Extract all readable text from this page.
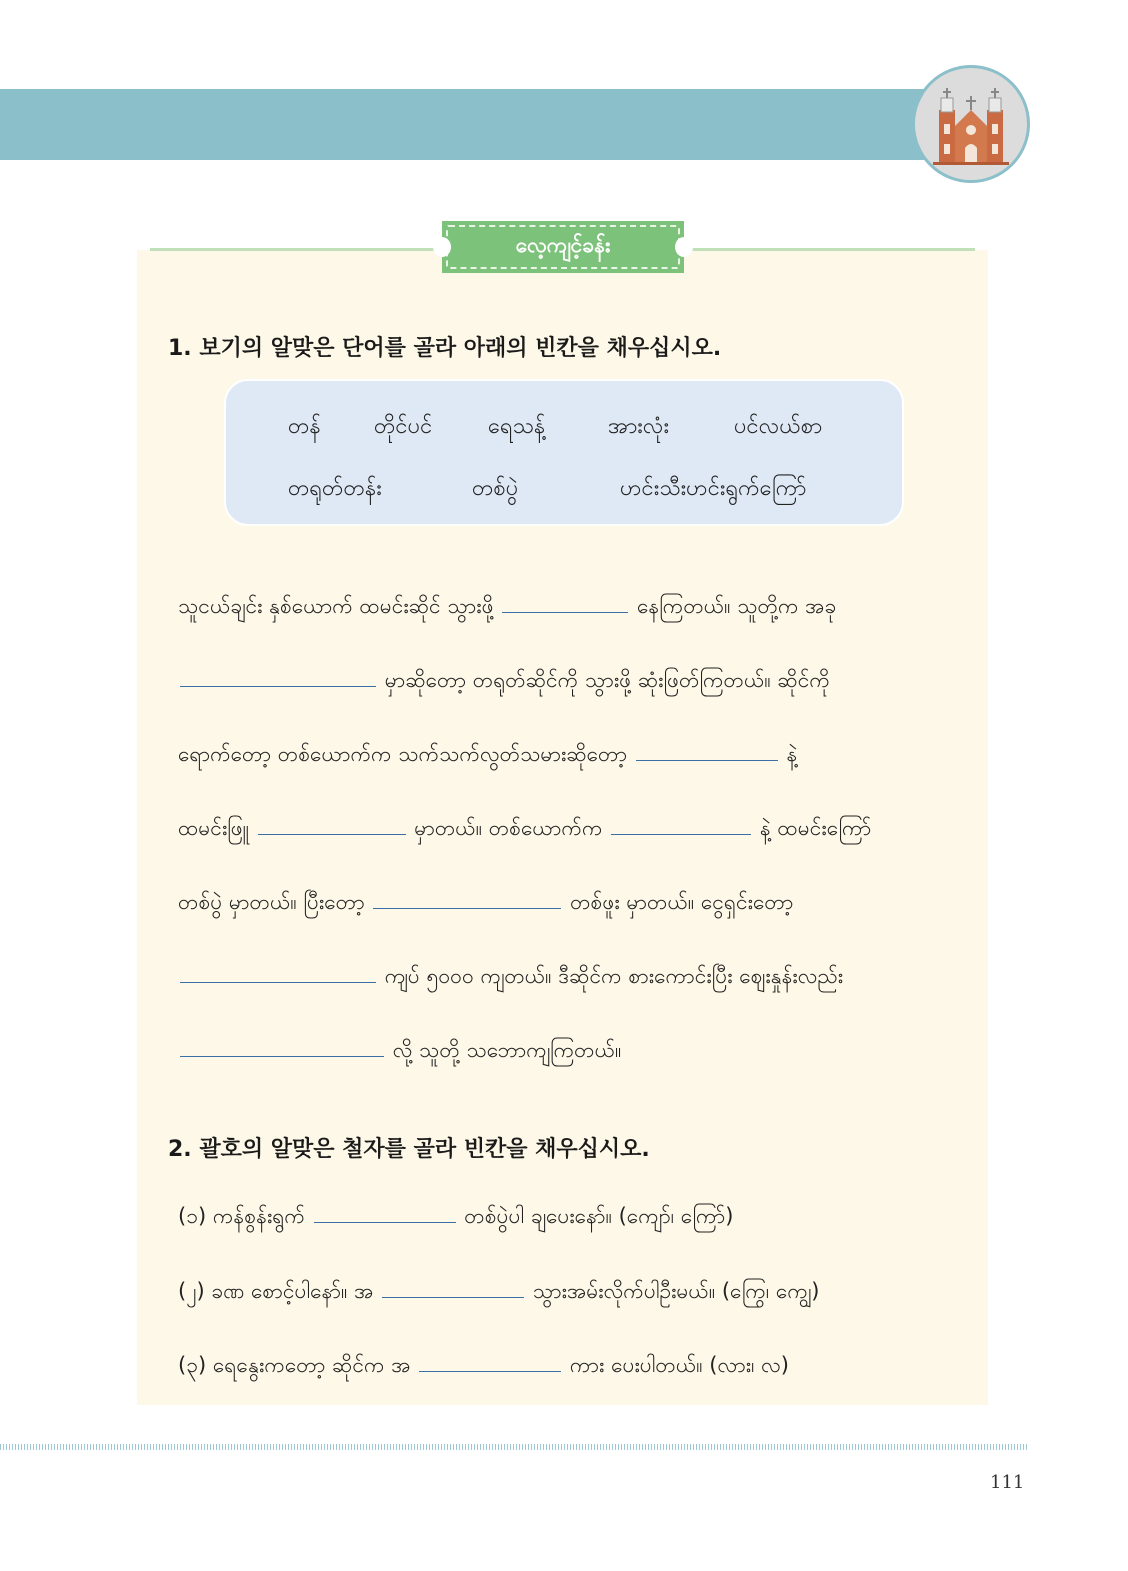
လေ့ကျင့်ခန်း
1. 보기의 알맞은 단어를 골라 아래의 빈칸을 채우십시오.
တန် တိုင်ပင်	ရေသန့်	အားလုံး	ပင်လယ်စာ
တရုတ်တန်း	တစ်ပွဲ	ဟင်းသီးဟင်းရွက်ကြော်
သူငယ်ချင်း နှစ်ယောက် ထမင်းဆိုင် သွားဖို့	နေကြတယ်။ သူတို့က အခု
မှာဆိုတော့ တရုတ်ဆိုင်ကို သွားဖို့ ဆုံးဖြတ်ကြတယ်။ ဆိုင်ကို
ရောက်တော့ တစ်ယောက်က သက်သက်လွတ်သမားဆိုတော့	နဲ့
ထမင်းဖြူ	မှာတယ်။ တစ်ယောက်က	နဲ့ ထမင်းကြော်
တစ်ပွဲ မှာတယ်။ ပြီးတော့	တစ်ဖူး မှာတယ်။ ငွေရှင်းတော့
ကျပ် ၅၀၀၀ ကျတယ်။ ဒီဆိုင်က စားကောင်းပြီး ဈေးနှုန်းလည်း
လို့ သူတို့ သဘောကျကြတယ်။
2. 괄호의 알맞은 철자를 골라 빈칸을 채우십시오.
(၁) ကန်စွန်းရွက်	တစ်ပွဲပါ ချပေးနော်။ (ကျော်၊ ကြော်)
(၂) ခဏ စောင့်ပါနော်။ အ	သွားအမ်းလိုက်ပါဦးမယ်။ (ကြွေ၊ ကျွေ)
(၃) ရေနွေးကတော့ ဆိုင်က အ	ကား ပေးပါတယ်။ (လား၊ လ)
111
